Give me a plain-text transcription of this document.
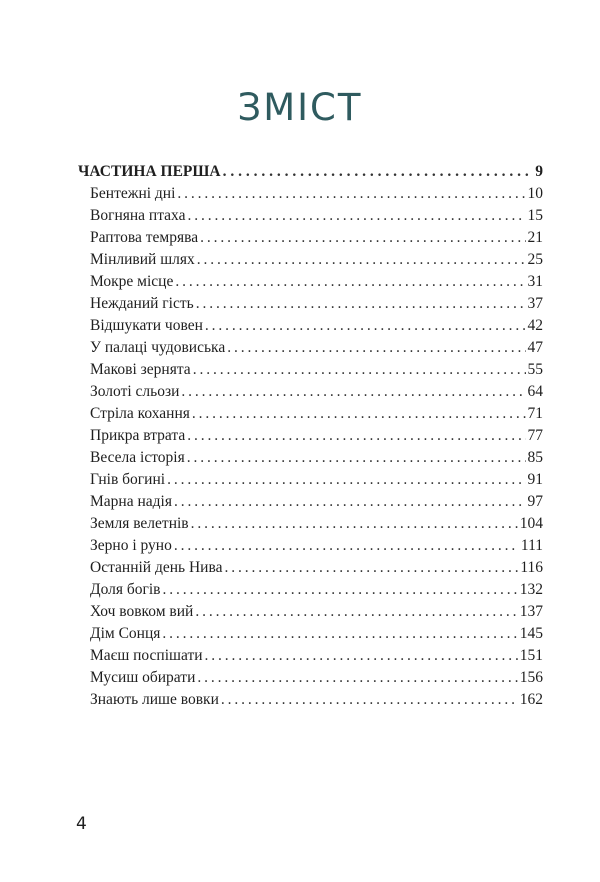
ЗМІСТ
ЧАСТИНА ПЕРША . . .	9
Бентежні дні . . .	10
Вогняна птаха . . .	15
Раптова темрява . . .	21
Мінливий шлях . . .	25
Мокре місце . . .	31
Нежданий гість . . .	37
Відшукати човен . . .	42
У палаці чудовиська . . .	47
Макові зернята . . .	55
Золоті сльози . . .	64
Стріла кохання . . .	71
Прикра втрата . . .	77
Весела історія . . .	85
Гнів богині . . .	91
Марна надія . . .	97
Земля велетнів . . .	104
Зерно і руно . . .	111
Останній день Нива . . .	116
Доля богів . . .	132
Хоч вовком вий . . .	137
Дім Сонця . . .	145
Маєш поспішати . . .	151
Мусиш обирати . . .	156
Знають лише вовки . . .	162
4
